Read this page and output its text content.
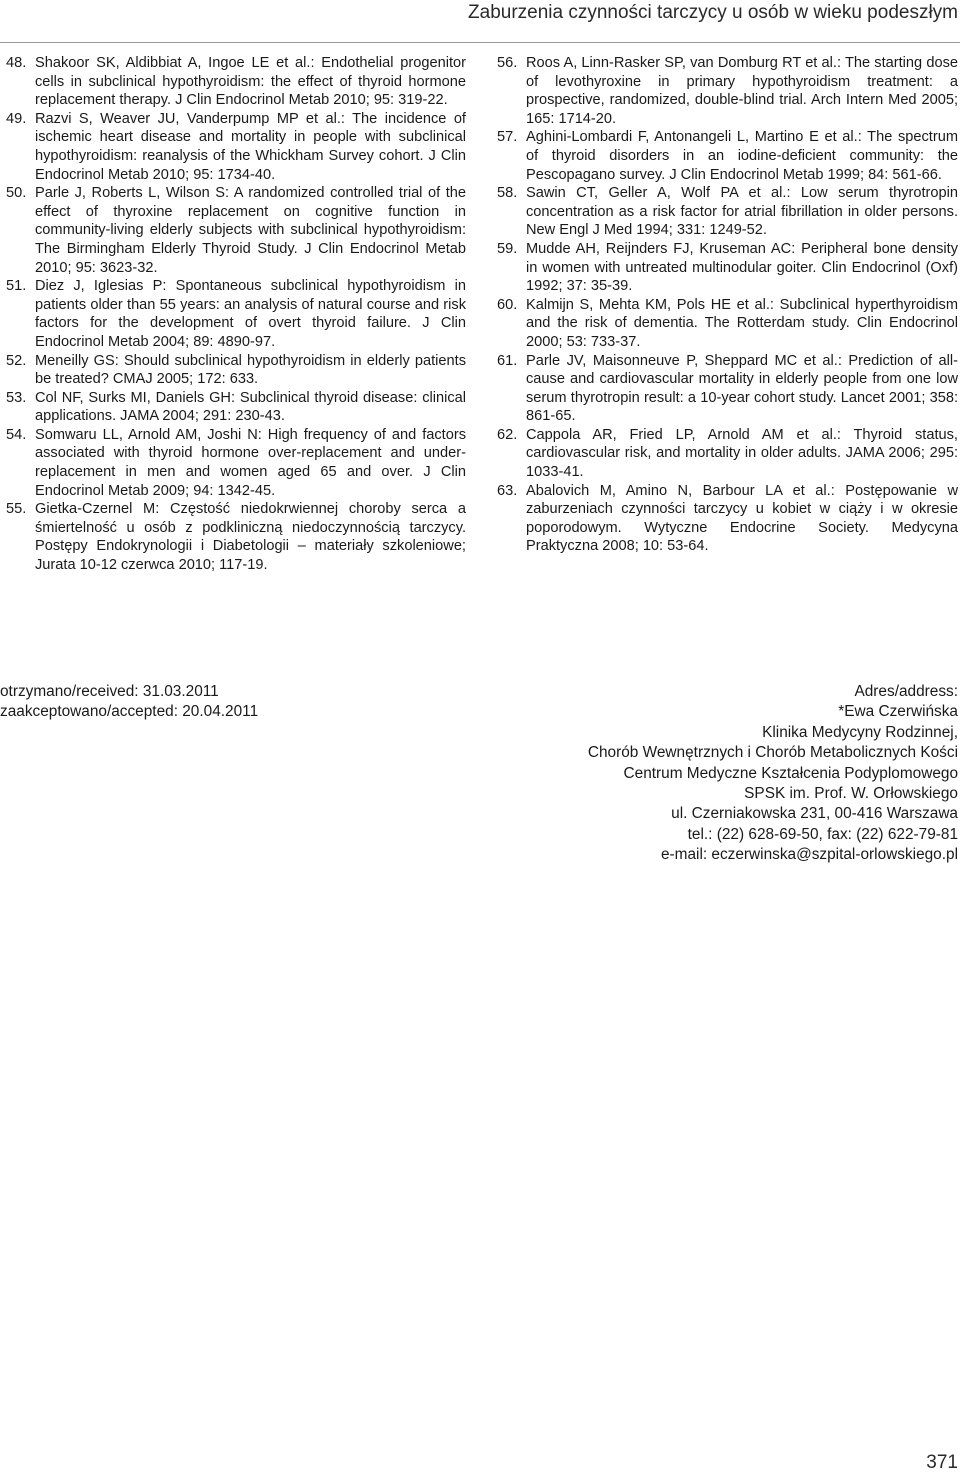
Zaburzenia czynności tarczycy u osób w wieku podeszłym

48. Shakoor SK, Aldibbiat A, Ingoe LE et al.: Endothelial progenitor cells in subclinical hypothyroidism: the effect of thyroid hormone replacement therapy. J Clin Endocrinol Metab 2010; 95: 319-22.

49. Razvi S, Weaver JU, Vanderpump MP et al.: The incidence of ischemic heart disease and mortality in people with subclinical hypothyroidism: reanalysis of the Whickham Survey cohort. J Clin Endocrinol Metab 2010; 95: 1734-40.

50. Parle J, Roberts L, Wilson S: A randomized controlled trial of the effect of thyroxine replacement on cognitive function in community-living elderly subjects with subclinical hypothyroidism: The Birmingham Elderly Thyroid Study. J Clin Endocrinol Metab 2010; 95: 3623-32.

51. Diez J, Iglesias P: Spontaneous subclinical hypothyroidism in patients older than 55 years: an analysis of natural course and risk factors for the development of overt thyroid failure. J Clin Endocrinol Metab 2004; 89: 4890-97.

52. Meneilly GS: Should subclinical hypothyroidism in elderly patients be treated? CMAJ 2005; 172: 633.

53. Col NF, Surks MI, Daniels GH: Subclinical thyroid disease: clinical applications. JAMA 2004; 291: 230-43.

54. Somwaru LL, Arnold AM, Joshi N: High frequency of and factors associated with thyroid hormone over-replacement and under-replacement in men and women aged 65 and over. J Clin Endocrinol Metab 2009; 94: 1342-45.

55. Gietka-Czernel M: Częstość niedokrwiennej choroby serca a śmiertelność u osób z podkliniczną niedoczynnością tarczycy. Postępy Endokrynologii i Diabetologii – materiały szkoleniowe; Jurata 10-12 czerwca 2010; 117-19.

56. Roos A, Linn-Rasker SP, van Domburg RT et al.: The starting dose of levothyroxine in primary hypothyroidism treatment: a prospective, randomized, double-blind trial. Arch Intern Med 2005; 165: 1714-20.

57. Aghini-Lombardi F, Antonangeli L, Martino E et al.: The spectrum of thyroid disorders in an iodine-deficient community: the Pescopagano survey. J Clin Endocrinol Metab 1999; 84: 561-66.

58. Sawin CT, Geller A, Wolf PA et al.: Low serum thyrotropin concentration as a risk factor for atrial fibrillation in older persons. New Engl J Med 1994; 331: 1249-52.

59. Mudde AH, Reijnders FJ, Kruseman AC: Peripheral bone density in women with untreated multinodular goiter. Clin Endocrinol (Oxf) 1992; 37: 35-39.

60. Kalmijn S, Mehta KM, Pols HE et al.: Subclinical hyperthyroidism and the risk of dementia. The Rotterdam study. Clin Endocrinol 2000; 53: 733-37.

61. Parle JV, Maisonneuve P, Sheppard MC et al.: Prediction of all-cause and cardiovascular mortality in elderly people from one low serum thyrotropin result: a 10-year cohort study. Lancet 2001; 358: 861-65.

62. Cappola AR, Fried LP, Arnold AM et al.: Thyroid status, cardiovascular risk, and mortality in older adults. JAMA 2006; 295: 1033-41.

63. Abalovich M, Amino N, Barbour LA et al.: Postępowanie w zaburzeniach czynności tarczycy u kobiet w ciąży i w okresie poporodowym. Wytyczne Endocrine Society. Medycyna Praktyczna 2008; 10: 53-64.

otrzymano/received: 31.03.2011
zaakceptowano/accepted: 20.04.2011
Adres/address:
*Ewa Czerwińska
Klinika Medycyny Rodzinnej,
Chorób Wewnętrznych i Chorób Metabolicznych Kości
Centrum Medyczne Kształcenia Podyplomowego
SPSK im. Prof. W. Orłowskiego
ul. Czerniakowska 231, 00-416 Warszawa
tel.: (22) 628-69-50, fax: (22) 622-79-81
e-mail: eczerwinska@szpital-orlowskiego.pl
371
